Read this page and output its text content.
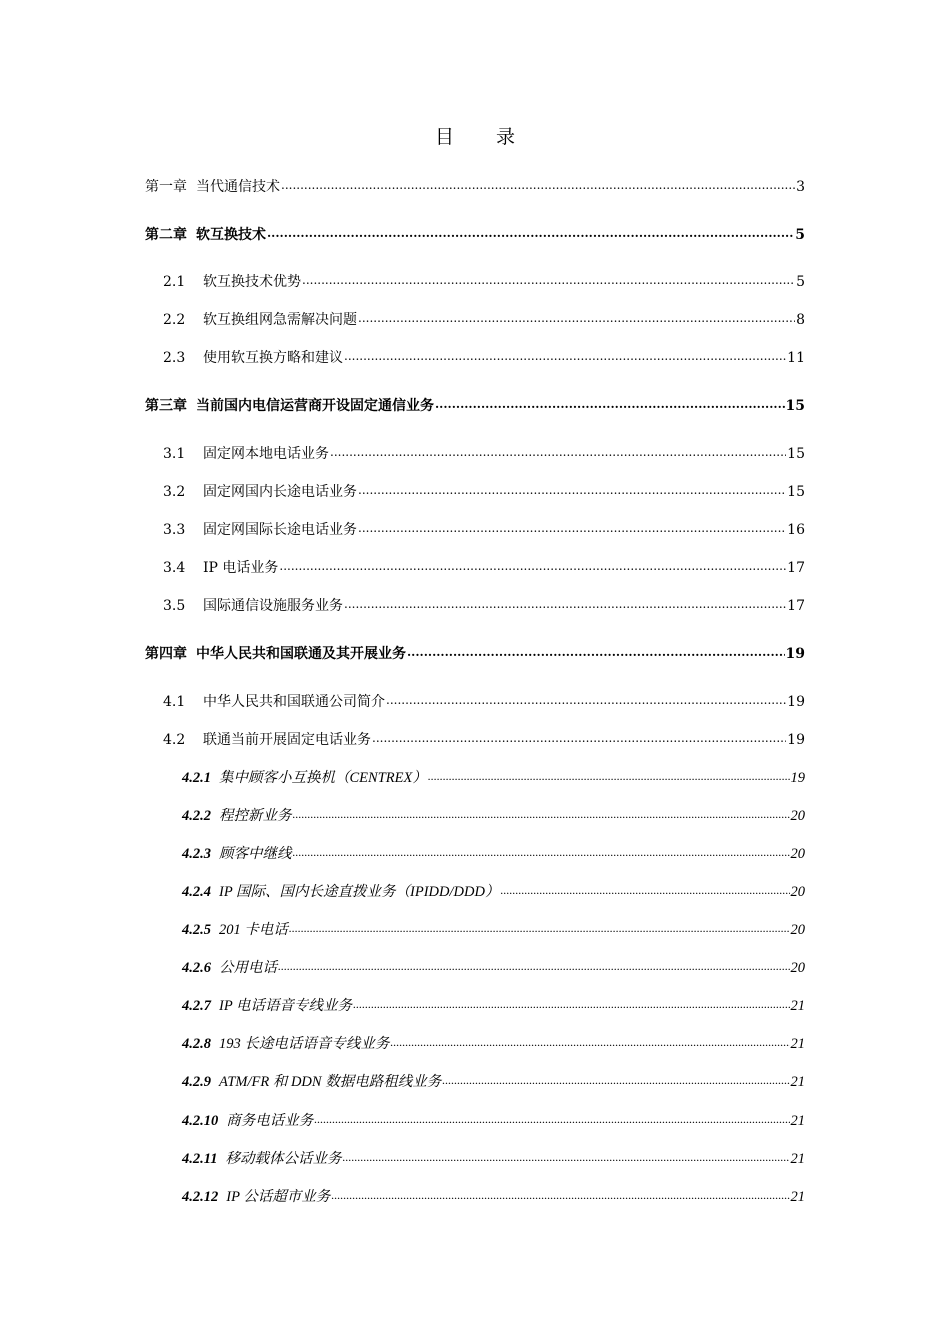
目 录
第一章 当代通信技术 .....	3
第二章 软互换技术 .....	5
2.1	软互换技术优势 .....	5
2.2	软互换组网急需解决问题 .....	8
2.3	使用软互换方略和建议 .....	11
第三章 当前国内电信运营商开设固定通信业务 .....	15
3.1	固定网本地电话业务 .....	15
3.2	固定网国内长途电话业务 .....	15
3.3	固定网国际长途电话业务 .....	16
3.4	IP 电话业务 .....	17
3.5	国际通信设施服务业务 .....	17
第四章 中华人民共和国联通及其开展业务 .....	19
4.1	中华人民共和国联通公司简介 .....	19
4.2	联通当前开展固定电话业务 .....	19
4.2.1 集中顾客小互换机（CENTREX） .....	19
4.2.2 程控新业务 .....	20
4.2.3 顾客中继线 .....	20
4.2.4 IP 国际、国内长途直拨业务（IPIDD/DDD） .....	20
4.2.5 201 卡电话 .....	20
4.2.6 公用电话 .....	20
4.2.7 IP 电话语音专线业务 .....	21
4.2.8 193 长途电话语音专线业务 .....	21
4.2.9 ATM/FR 和 DDN 数据电路租线业务 .....	21
4.2.10 商务电话业务 .....	21
4.2.11 移动载体公话业务 .....	21
4.2.12 IP 公话超市业务 .....	21
